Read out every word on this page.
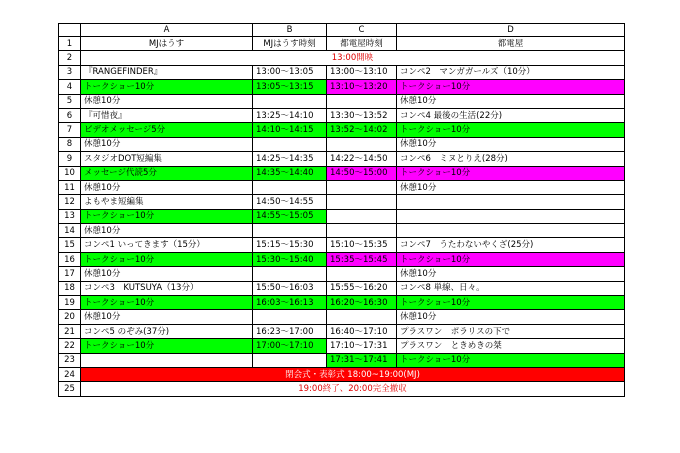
	A	B	C	D
1	MJはうす	MJはうす時刻	都電屋時刻	都電屋
2	13:00開映			
3	『RANGEFINDER』	13:00～13:05	13:00～13:10	コンペ2　マンガガールズ（10分）
4	トークショー10分	13:05～13:15	13:10～13:20	トークショー10分
5	休憩10分			休憩10分
6	『可惜夜』	13:25～14:10	13:30～13:52	コンペ4 最後の生活(22分)
7	ビデオメッセージ5分	14:10～14:15	13:52～14:02	トークショー10分
8	休憩10分			休憩10分
9	スタジオDOT短編集	14:25～14:35	14:22～14:50	コンペ6　ミヌとりえ(28分)
10	メッセージ代読5分	14:35～14:40	14:50～15:00	トークショー10分
11	休憩10分			休憩10分
12	よもやま短編集	14:50～14:55		
13	トークショー10分	14:55～15:05		
14	休憩10分			
15	コンペ1 いってきます（15分）	15:15～15:30	15:10～15:35	コンペ7　うたわないやくざ(25分)
16	トークショー10分	15:30～15:40	15:35～15:45	トークショー10分
17	休憩10分			休憩10分
18	コンペ3　KUTSUYA（13分）	15:50～16:03	15:55～16:20	コンペ8 単線、日々。
19	トークショー10分	16:03～16:13	16:20～16:30	トークショー10分
20	休憩10分			休憩10分
21	コンペ5 のぞみ(37分)	16:23～17:00	16:40～17:10	プラスワン　ポラリスの下で
22	トークショー10分	17:00～17:10	17:10～17:31	プラスワン　ときめきの桀
23			17:31～17:41	トークショー10分
24	閉会式・表彰式 18:00~19:00(MJ)			
25	19:00終了、20:00完全撤収			
